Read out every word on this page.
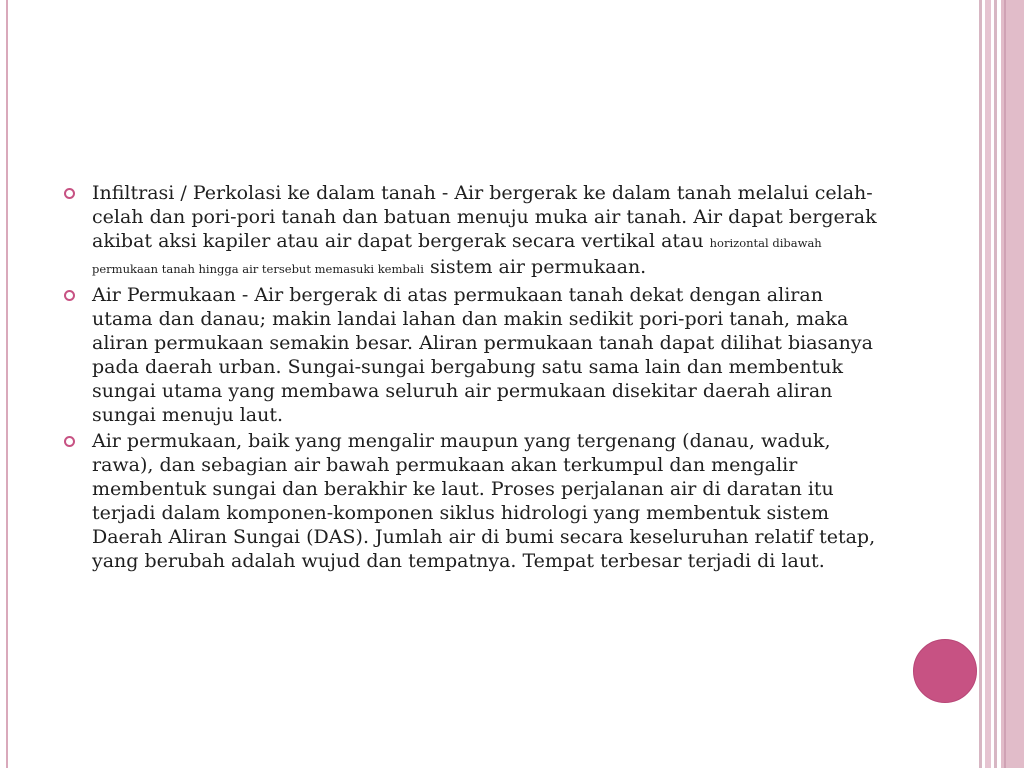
Infiltrasi / Perkolasi ke dalam tanah - Air bergerak ke dalam tanah melalui celah-celah dan pori-pori tanah dan batuan menuju muka air tanah. Air dapat bergerak akibat aksi kapiler atau air dapat bergerak secara vertikal atau horizontal dibawah permukaan tanah hingga air tersebut memasuki kembali sistem air permukaan.
Air Permukaan - Air bergerak di atas permukaan tanah dekat dengan aliran utama dan danau; makin landai lahan dan makin sedikit pori-pori tanah, maka aliran permukaan semakin besar. Aliran permukaan tanah dapat dilihat biasanya pada daerah urban. Sungai-sungai bergabung satu sama lain dan membentuk sungai utama yang membawa seluruh air permukaan disekitar daerah aliran sungai menuju laut.
Air permukaan, baik yang mengalir maupun yang tergenang (danau, waduk, rawa), dan sebagian air bawah permukaan akan terkumpul dan mengalir membentuk sungai dan berakhir ke laut. Proses perjalanan air di daratan itu terjadi dalam komponen-komponen siklus hidrologi yang membentuk sistem Daerah Aliran Sungai (DAS). Jumlah air di bumi secara keseluruhan relatif tetap, yang berubah adalah wujud dan tempatnya. Tempat terbesar terjadi di laut.
